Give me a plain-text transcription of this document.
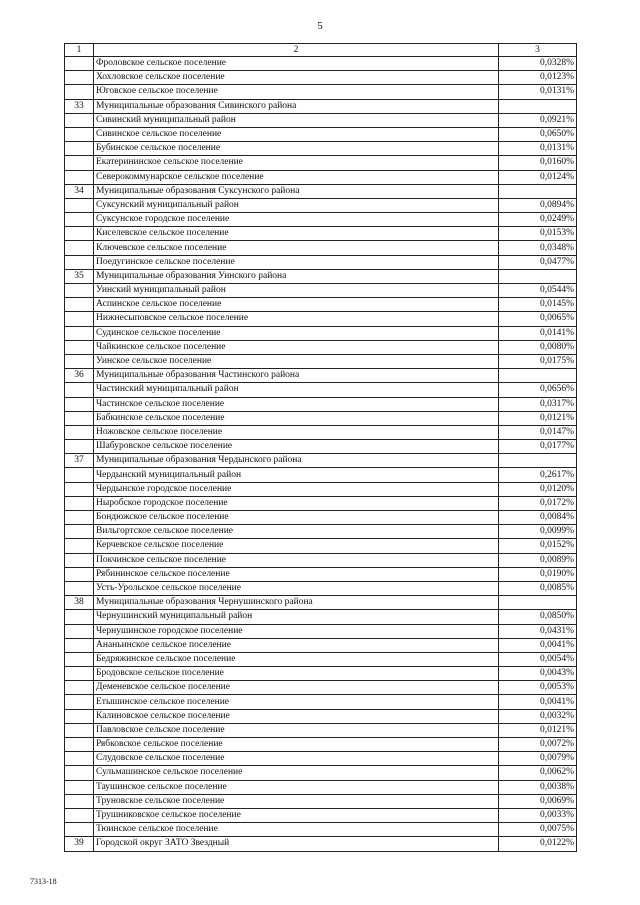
5
1	2	3
	Фроловское сельское поселение	0,0328%
	Хохловское сельское поселение	0,0123%
	Юговское сельское поселение	0,0131%
33	Муниципальные образования Сивинского района	
	Сивинский муниципальный район	0,0921%
	Сивинское сельское поселение	0,0650%
	Бубинское сельское поселение	0,0131%
	Екатерининское сельское поселение	0,0160%
	Северокоммунарское сельское поселение	0,0124%
34	Муниципальные образования Суксунского района	
	Суксунский муниципальный район	0,0894%
	Суксунское городское поселение	0,0249%
	Киселевское сельское поселение	0,0153%
	Ключевское сельское поселение	0,0348%
	Поедугинское сельское поселение	0,0477%
35	Муниципальные образования Уинского района	
	Уинский муниципальный район	0,0544%
	Аспинское сельское поселение	0,0145%
	Нижнесыповское сельское поселение	0,0065%
	Судинское сельское поселение	0,0141%
	Чайкинское сельское поселение	0,0080%
	Уинское сельское поселение	0,0175%
36	Муниципальные образования Частинского района	
	Частинский муниципальный район	0,0656%
	Частинское сельское поселение	0,0317%
	Бабкинское сельское поселение	0,0121%
	Ножовское сельское поселение	0,0147%
	Шабуровское сельское поселение	0,0177%
37	Муниципальные образования Чердынского района	
	Чердынский муниципальный район	0,2617%
	Чердынское городское поселение	0,0120%
	Ныробское городское поселение	0,0172%
	Бондюжское сельское поселение	0,0084%
	Вильгортское сельское поселение	0,0099%
	Керчевское сельское поселение	0,0152%
	Покчинское сельское поселение	0,0089%
	Рябининское сельское поселение	0,0190%
	Усть-Урольское сельское поселение	0,0085%
38	Муниципальные образования Чернушинского района	
	Чернушинский муниципальный район	0,0850%
	Чернушинское городское поселение	0,0431%
	Ананьинское сельское поселение	0,0041%
	Бедряжинское сельское поселение	0,0054%
	Бродовское сельское поселение	0,0043%
	Деменевское сельское поселение	0,0053%
	Етышинское сельское поселение	0,0041%
	Калиновское сельское поселение	0,0032%
	Павловское сельское поселение	0,0121%
	Рябковское сельское поселение	0,0072%
	Слудовское сельское поселение	0,0079%
	Сульмашинское сельское поселение	0,0062%
	Таушинское сельское поселение	0,0038%
	Труновское сельское поселение	0,0069%
	Трушниковское сельское поселение	0,0033%
	Тюинское сельское поселение	0,0075%
39	Городской округ ЗАТО Звездный	0,0122%
7313-18
